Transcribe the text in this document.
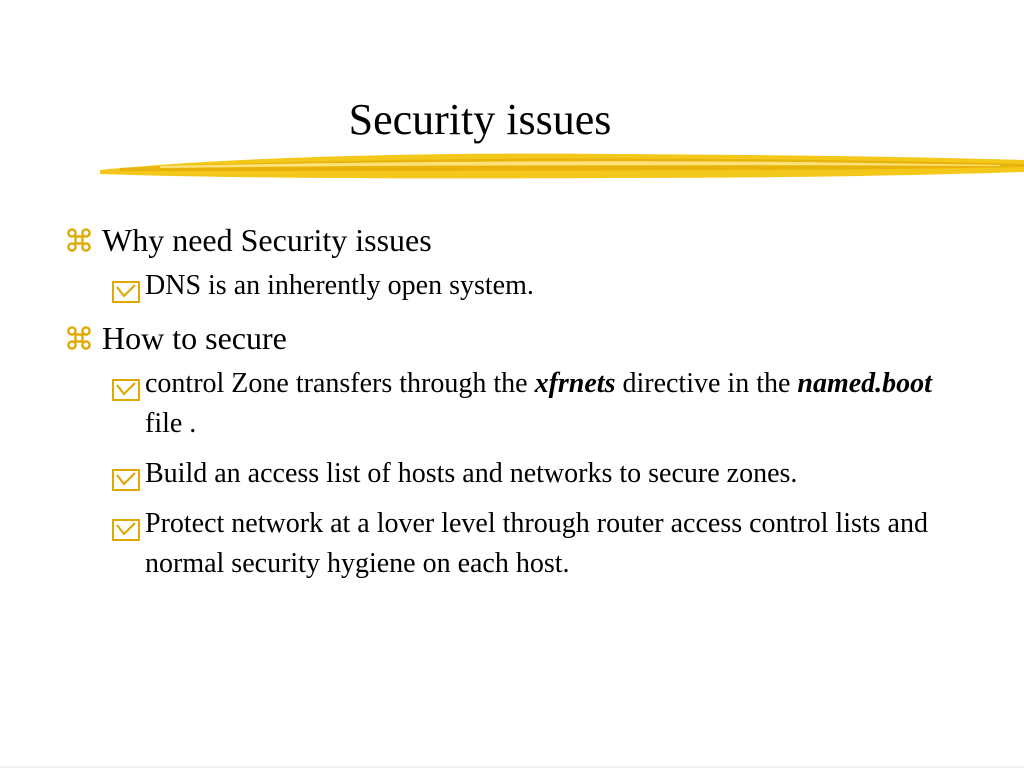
Security issues
Why need Security issues
DNS is an inherently open system.
How to secure
control Zone transfers through the xfrnets directive in the named.boot file .
Build an access list of hosts and networks to secure zones.
Protect network at a lover level through router access control lists and normal security hygiene on each host.
